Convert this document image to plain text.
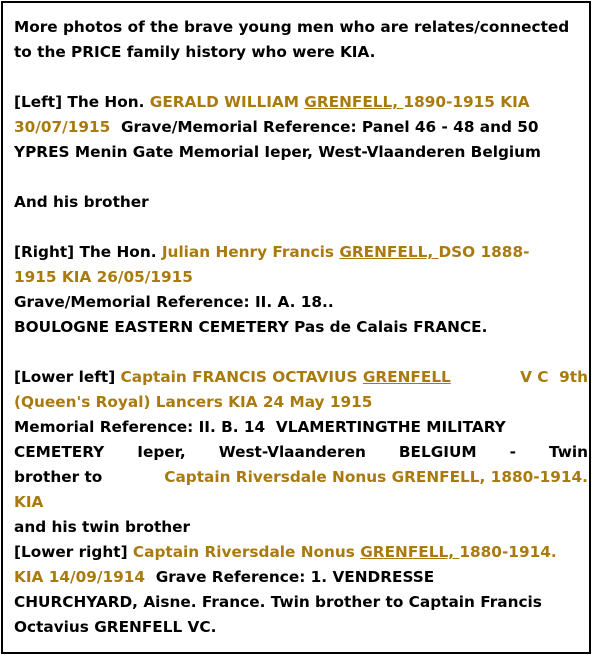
More photos of the brave young men who are relates/connected
to the PRICE family history who were KIA.
[Left] The Hon. GERALD WILLIAM GRENFELL, 1890-1915 KIA
30/07/1915  Grave/Memorial Reference: Panel 46 - 48 and 50
YPRES Menin Gate Memorial Ieper, West-Vlaanderen Belgium
And his brother
[Right] The Hon. Julian Henry Francis GRENFELL, DSO 1888-
1915 KIA 26/05/1915
Grave/Memorial Reference: II. A. 18..
BOULOGNE EASTERN CEMETERY Pas de Calais FRANCE.
[Lower left] Captain FRANCIS OCTAVIUS GRENFELL	V C  9th
(Queen's Royal) Lancers KIA 24 May 1915
Memorial Reference: II. B. 14  VLAMERTINGTHE MILITARY
CEMETERY Ieper, West-Vlaanderen BELGIUM - Twin
brother to	Captain Riversdale Nonus GRENFELL, 1880-1914.
KIA
and his twin brother
[Lower right] Captain Riversdale Nonus GRENFELL, 1880-1914.
KIA 14/09/1914  Grave Reference: 1. VENDRESSE
CHURCHYARD, Aisne. France. Twin brother to Captain Francis
Octavius GRENFELL VC.
